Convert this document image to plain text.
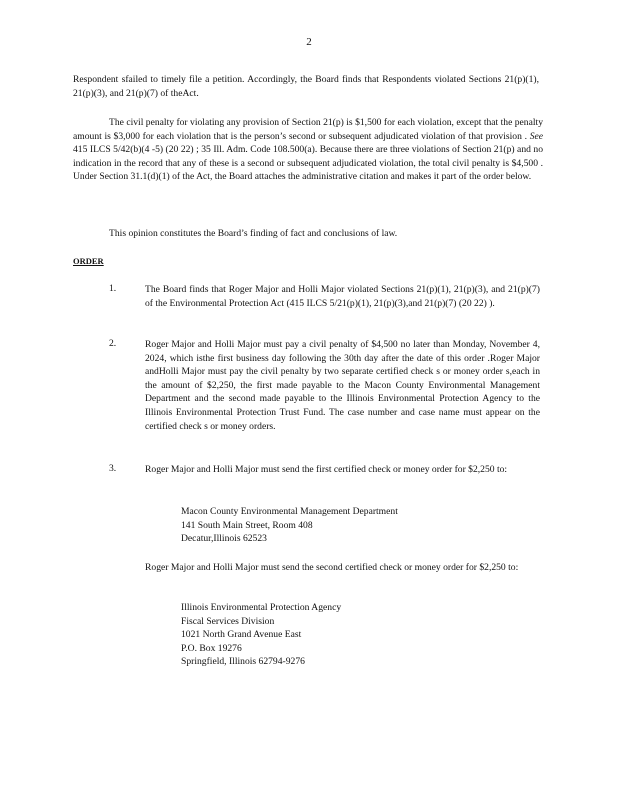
2
Respondent sfailed to timely file a petition. Accordingly, the Board finds that Respondents violated Sections 21(p)(1), 21(p)(3), and 21(p)(7) of theAct.
The civil penalty for violating any provision of Section 21(p) is $1,500 for each violation, except that the penalty amount is $3,000 for each violation that is the person’s second or subsequent adjudicated violation of that provision . See 415 ILCS 5/42(b)(4 -5) (20 22) ; 35 Ill. Adm. Code 108.500(a). Because there are three violations of Section 21(p) and no indication in the record that any of these is a second or subsequent adjudicated violation, the total civil penalty is $4,500 . Under Section 31.1(d)(1) of the Act, the Board attaches the administrative citation and makes it part of the order below.
This opinion constitutes the Board’s finding of fact and conclusions of law.
ORDER
1.	The Board finds that Roger Major and Holli Major violated Sections 21(p)(1), 21(p)(3), and 21(p)(7) of the Environmental Protection Act (415 ILCS 5/21(p)(1), 21(p)(3),and 21(p)(7) (20 22) ).
2.	Roger Major and Holli Major must pay a civil penalty of $4,500 no later than Monday, November 4, 2024, which isthe first business day following the 30th day after the date of this order .Roger Major andHolli Major must pay the civil penalty by two separate certified check s or money order s,each in the amount of $2,250, the first made payable to the Macon County Environmental Management Department and the second made payable to the Illinois Environmental Protection Agency to the Illinois Environmental Protection Trust Fund. The case number and case name must appear on the certified check s or money orders.
3.	Roger Major and Holli Major must send the first certified check or money order for $2,250 to:
Macon County Environmental Management Department
141 South Main Street, Room 408
Decatur,Illinois 62523
Roger Major and Holli Major must send the second certified check or money order for $2,250 to:
Illinois Environmental Protection Agency
Fiscal Services Division
1021 North Grand Avenue East
P.O. Box 19276
Springfield, Illinois 62794-9276
